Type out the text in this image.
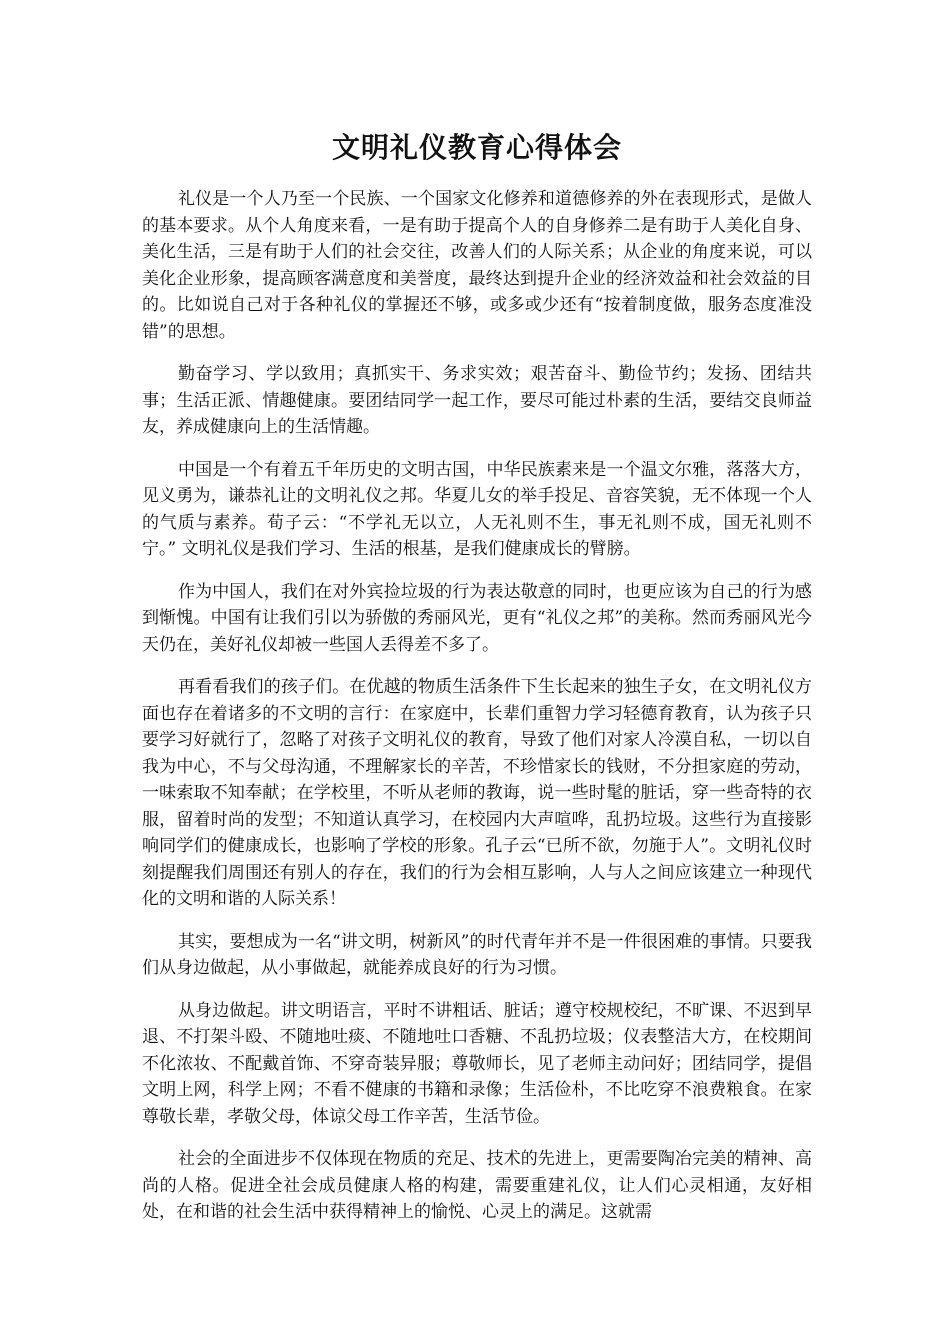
文明礼仪教育心得体会

礼仪是一个人乃至一个民族、一个国家文化修养和道德修养的外在表现形式，是做人的基本要求。从个人角度来看，一是有助于提高个人的自身修养二是有助于人美化自身、美化生活，三是有助于人们的社会交往，改善人们的人际关系；从企业的角度来说，可以美化企业形象，提高顾客满意度和美誉度，最终达到提升企业的经济效益和社会效益的目的。比如说自己对于各种礼仪的掌握还不够，或多或少还有“按着制度做，服务态度准没错”的思想。

勤奋学习、学以致用；真抓实干、务求实效；艰苦奋斗、勤俭节约；发扬、团结共事；生活正派、情趣健康。要团结同学一起工作，要尽可能过朴素的生活，要结交良师益友，养成健康向上的生活情趣。

中国是一个有着五千年历史的文明古国，中华民族素来是一个温文尔雅，落落大方，见义勇为，谦恭礼让的文明礼仪之邦。华夏儿女的举手投足、音容笑貌，无不体现一个人的气质与素养。荀子云：“不学礼无以立，人无礼则不生，事无礼则不成，国无礼则不宁。” 文明礼仪是我们学习、生活的根基，是我们健康成长的臂膀。

作为中国人，我们在对外宾捡垃圾的行为表达敬意的同时，也更应该为自己的行为感到惭愧。中国有让我们引以为骄傲的秀丽风光，更有“礼仪之邦”的美称。然而秀丽风光今天仍在，美好礼仪却被一些国人丢得差不多了。

再看看我们的孩子们。在优越的物质生活条件下生长起来的独生子女，在文明礼仪方面也存在着诸多的不文明的言行：在家庭中，长辈们重智力学习轻德育教育，认为孩子只要学习好就行了，忽略了对孩子文明礼仪的教育，导致了他们对家人冷漠自私，一切以自我为中心，不与父母沟通，不理解家长的辛苦，不珍惜家长的钱财，不分担家庭的劳动，一味索取不知奉献；在学校里，不听从老师的教诲，说一些时髦的脏话，穿一些奇特的衣服，留着时尚的发型；不知道认真学习，在校园内大声喧哗，乱扔垃圾。这些行为直接影响同学们的健康成长，也影响了学校的形象。孔子云“已所不欲，勿施于人”。文明礼仪时刻提醒我们周围还有别人的存在，我们的行为会相互影响，人与人之间应该建立一种现代化的文明和谐的人际关系！

其实，要想成为一名“讲文明，树新风”的时代青年并不是一件很困难的事情。只要我们从身边做起，从小事做起，就能养成良好的行为习惯。

从身边做起。讲文明语言，平时不讲粗话、脏话；遵守校规校纪，不旷课、不迟到早退、不打架斗殴、不随地吐痰、不随地吐口香糖、不乱扔垃圾；仪表整洁大方，在校期间不化浓妆、不配戴首饰、不穿奇装异服；尊敬师长，见了老师主动问好；团结同学，提倡文明上网，科学上网；不看不健康的书籍和录像；生活俭朴，不比吃穿不浪费粮食。在家尊敬长辈，孝敬父母，体谅父母工作辛苦，生活节俭。

社会的全面进步不仅体现在物质的充足、技术的先进上，更需要陶冶完美的精神、高尚的人格。促进全社会成员健康人格的构建，需要重建礼仪，让人们心灵相通，友好相处，在和谐的社会生活中获得精神上的愉悦、心灵上的满足。这就需
